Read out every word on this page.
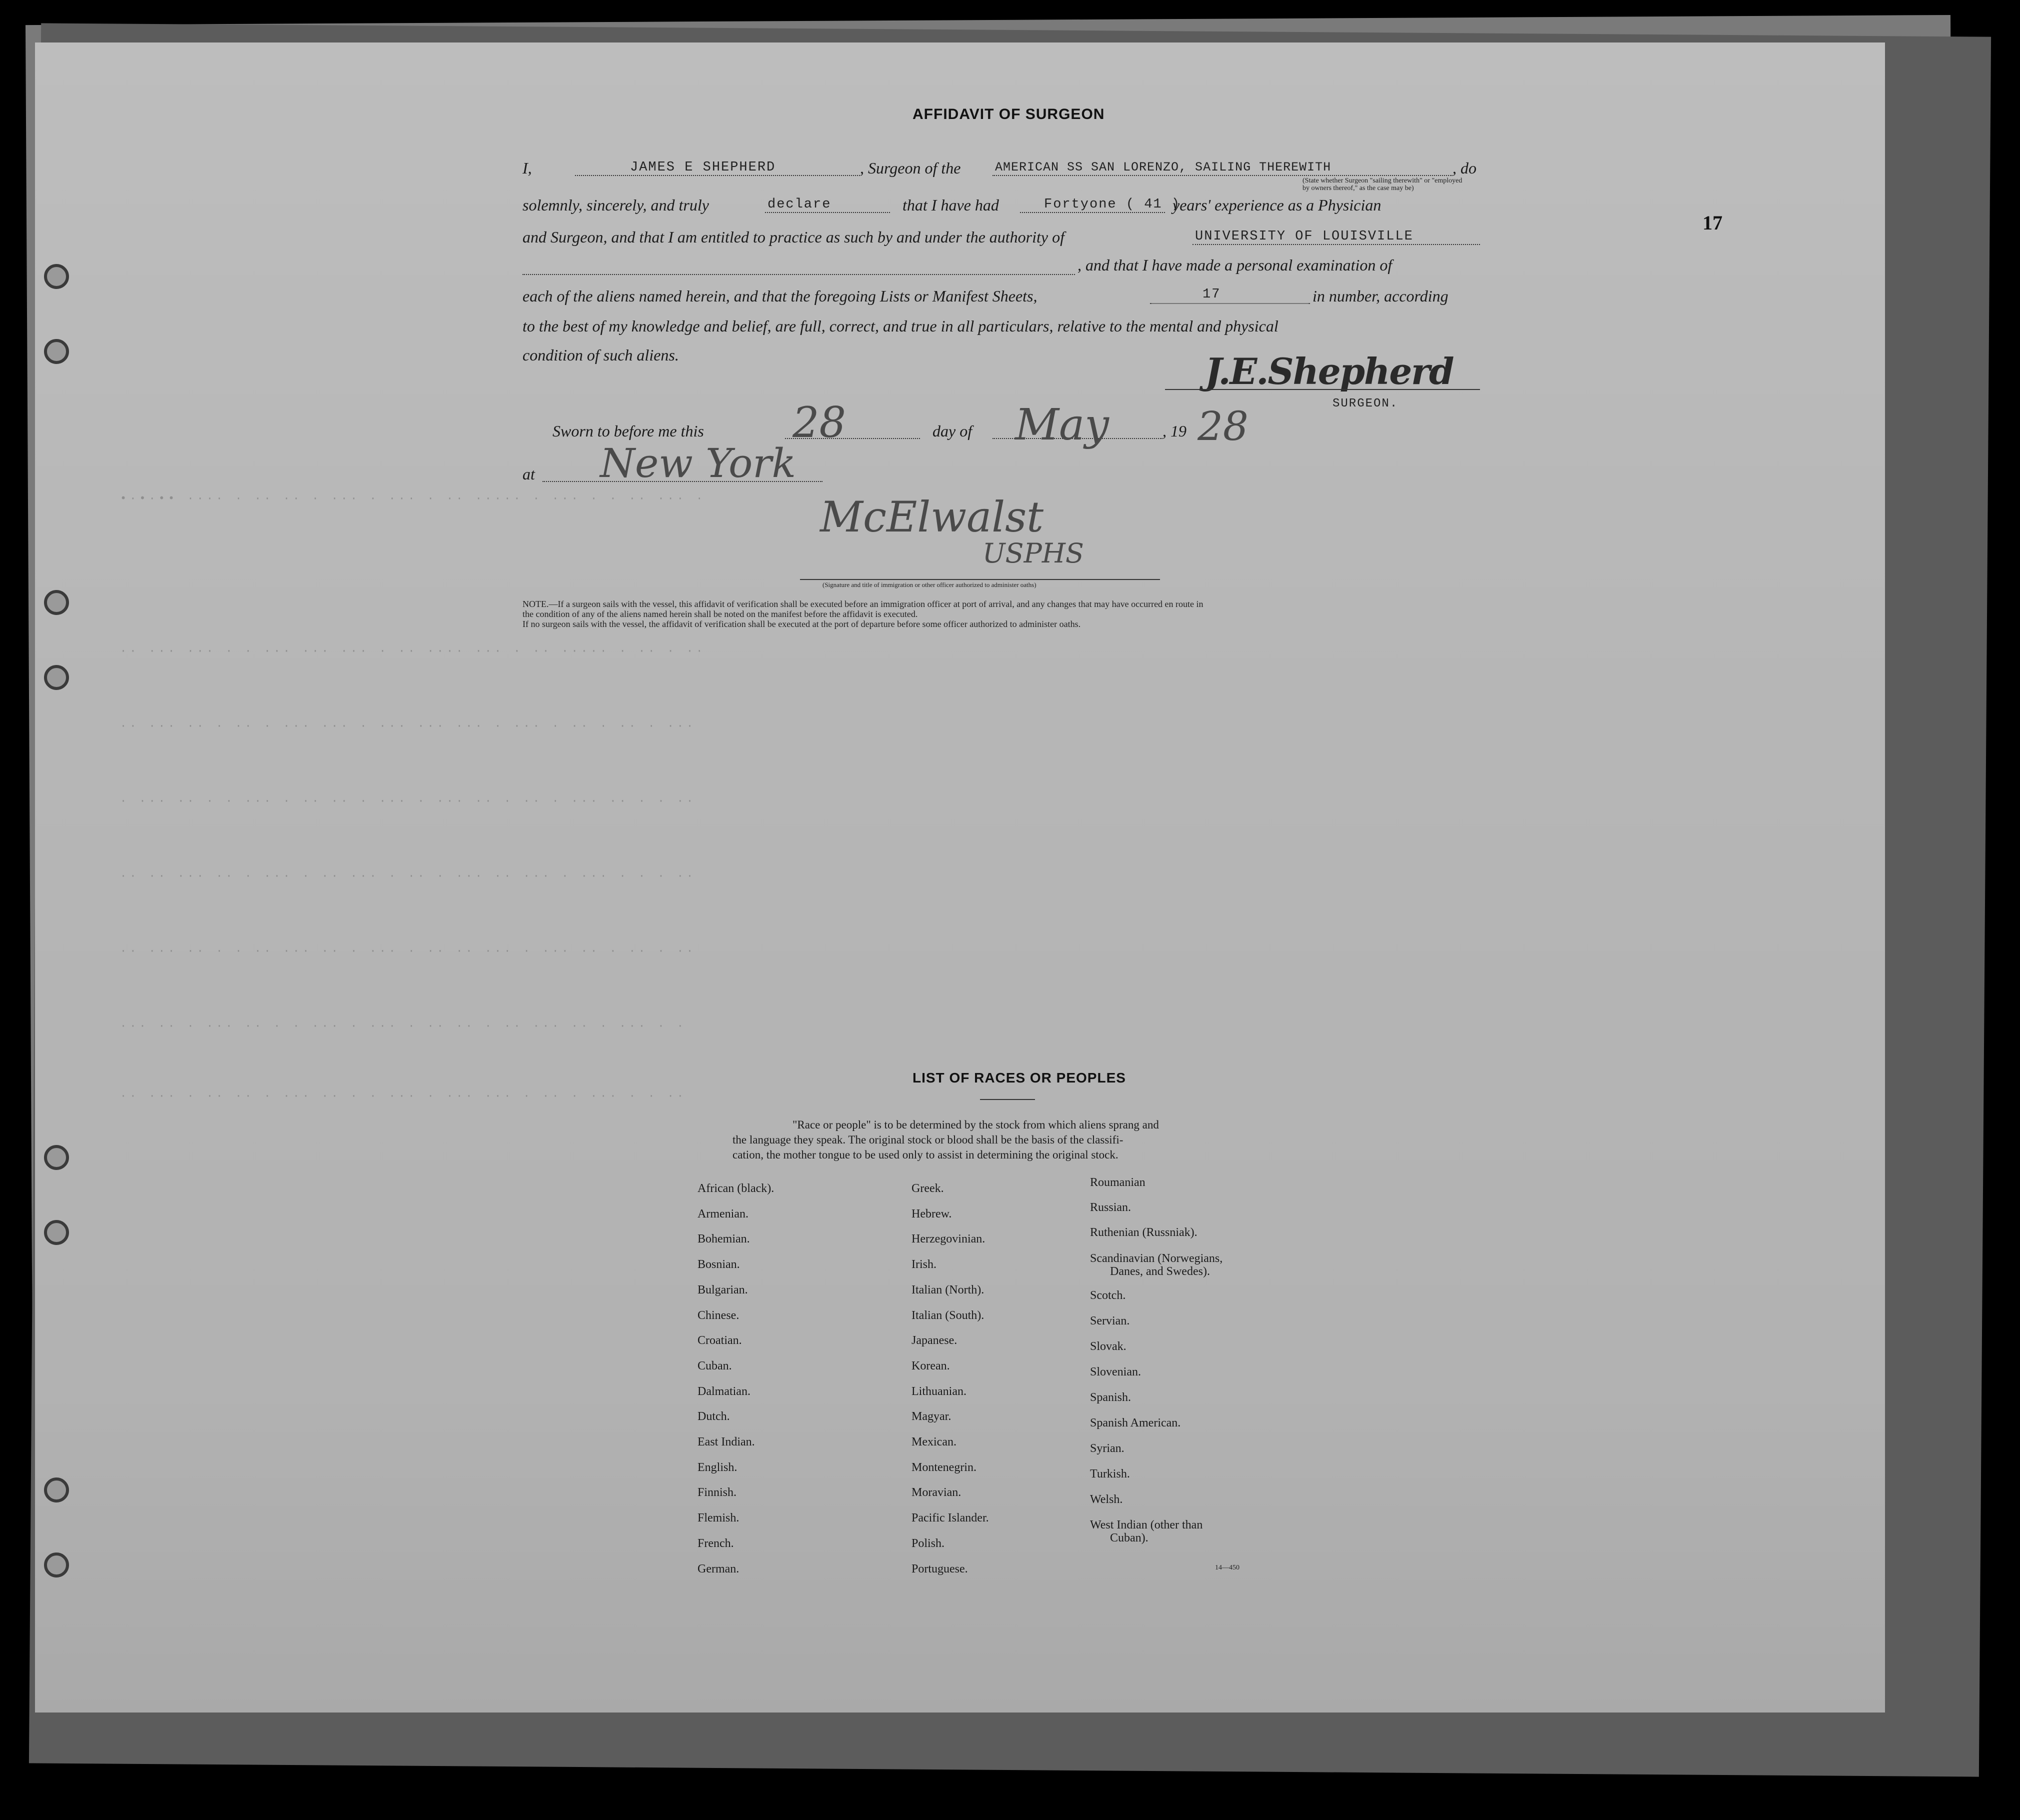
17
•·•·•• ···· · ·· ·· · ··· · ··· · ·· ····· · ··· · · ·· ··· ·
·· ··· ··· · · ··· ··· ··· · ·· ···· ··· · ·· ····· · ·· · ··
·· ··· ·· · ·· · ··· ··· · ··· ··· ··· · ··· · ·· · ·· · ···
· ··· ·· · · ··· · ·· ·· · ··· · ··· ·· · ·· · ··· ·· · · ··
·· ·· ··· ·· · ··· · ·· ··· · ·· · ··· ·· ··· · ··· · · · ··
·· ··· ·· · · ·· ··· ·· · ··· · ·· ·· ··· · ··· ·· · ·· · ··
··· ·· · ··· ·· · · ··· · ··· · ·· ·· · ·· ··· ·· · ··· · ·
·· ··· · ·· ·· · ··· ·· · · ··· · ··· ··· · ·· · ··· · · ··
AFFIDAVIT OF SURGEON
I,	JAMES E SHEPHERD	, Surgeon of the	AMERICAN SS SAN LORENZO, SAILING THEREWITH	, do
(State whether Surgeon "sailing therewith" or "employed by owners thereof," as the case may be)
solemnly, sincerely, and truly	declare	that I have had	Fortyone ( 41 )
years' experience as a Physician
and Surgeon, and that I am entitled to practice as such by and under the authority of	UNIVERSITY OF LOUISVILLE
, and that I have made a personal examination of
each of the aliens named herein, and that the foregoing Lists or Manifest Sheets,	17	in number, according
to the best of my knowledge and belief, are full, correct, and true in all particulars, relative to the mental and physical
condition of such aliens.	J.E.Shepherd
SURGEON.
Sworn to before me this 28	day of May	, 19 28
at New York
McElwalst
USPHS
(Signature and title of immigration or other officer authorized to administer oaths)
NOTE.—If a surgeon sails with the vessel, this affidavit of verification shall be executed before an immigration officer at port of arrival, and any changes that may have occurred en route in
the condition of any of the aliens named herein shall be noted on the manifest before the affidavit is executed.
If no surgeon sails with the vessel, the affidavit of verification shall be executed at the port of departure before some officer authorized to administer oaths.
LIST OF RACES OR PEOPLES
"Race or people" is to be determined by the stock from which aliens sprang and
the language they speak. The original stock or blood shall be the basis of the classifi-
cation, the mother tongue to be used only to assist in determining the original stock.
African (black).
Armenian.
Bohemian.
Bosnian.
Bulgarian.
Chinese.
Croatian.
Cuban.
Dalmatian.
Dutch.
East Indian.
English.
Finnish.
Flemish.
French.
German.
Greek.
Hebrew.
Herzegovinian.
Irish.
Italian (North).
Italian (South).
Japanese.
Korean.
Lithuanian.
Magyar.
Mexican.
Montenegrin.
Moravian.
Pacific Islander.
Polish.
Portuguese.
Roumanian
Russian.
Ruthenian (Russniak).
Scandinavian (Norwegians,
Danes, and Swedes).
Scotch.
Servian.
Slovak.
Slovenian.
Spanish.
Spanish American.
Syrian.
Turkish.
Welsh.
West Indian (other than
Cuban).
14—450
